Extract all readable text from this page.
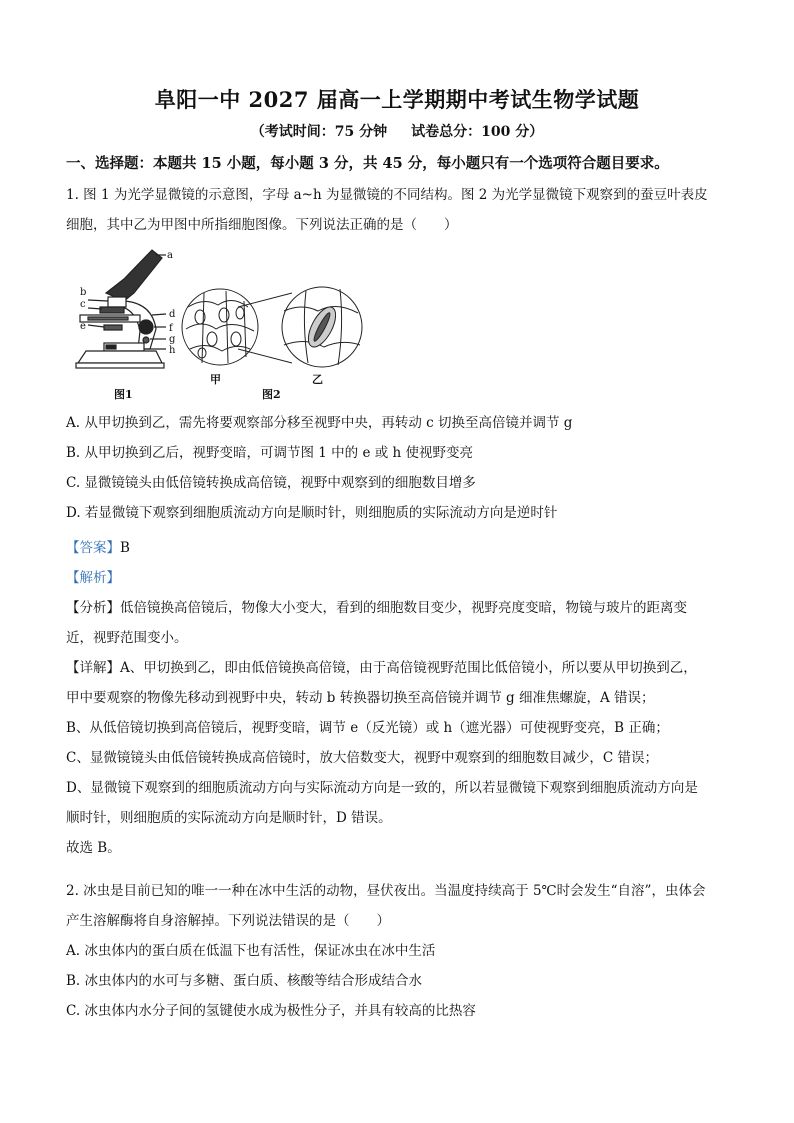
阜阳一中 2027 届高一上学期期中考试生物学试题
（考试时间：75 分钟 试卷总分：100 分）
一、选择题：本题共 15 小题，每小题 3 分，共 45 分，每小题只有一个选项符合题目要求。
1. 图 1 为光学显微镜的示意图，字母 a~h 为显微镜的不同结构。图 2 为光学显微镜下观察到的蚕豆叶表皮
细胞，其中乙为甲图中所指细胞图像。下列说法正确的是（　　）
a
b
c
d
e	f
g
h
甲	乙
图1	图2
A. 从甲切换到乙，需先将要观察部分移至视野中央，再转动 c 切换至高倍镜并调节 g
B. 从甲切换到乙后，视野变暗，可调节图 1 中的 e 或 h 使视野变亮
C. 显微镜镜头由低倍镜转换成高倍镜，视野中观察到的细胞数目增多
D. 若显微镜下观察到细胞质流动方向是顺时针，则细胞质的实际流动方向是逆时针
【答案】B
【解析】
【分析】低倍镜换高倍镜后，物像大小变大，看到的细胞数目变少，视野亮度变暗，物镜与玻片的距离变
近，视野范围变小。
【详解】A、甲切换到乙，即由低倍镜换高倍镜，由于高倍镜视野范围比低倍镜小，所以要从甲切换到乙，
甲中要观察的物像先移动到视野中央，转动 b 转换器切换至高倍镜并调节 g 细准焦螺旋，A 错误；
B、从低倍镜切换到高倍镜后，视野变暗，调节 e（反光镜）或 h（遮光器）可使视野变亮，B 正确；
C、显微镜镜头由低倍镜转换成高倍镜时，放大倍数变大，视野中观察到的细胞数目减少，C 错误；
D、显微镜下观察到的细胞质流动方向与实际流动方向是一致的，所以若显微镜下观察到细胞质流动方向是
顺时针，则细胞质的实际流动方向是顺时针，D 错误。
故选 B。
2. 冰虫是目前已知的唯一一种在冰中生活的动物，昼伏夜出。当温度持续高于 5℃时会发生“自溶”，虫体会
产生溶解酶将自身溶解掉。下列说法错误的是（　　）
A. 冰虫体内的蛋白质在低温下也有活性，保证冰虫在冰中生活
B. 冰虫体内的水可与多糖、蛋白质、核酸等结合形成结合水
C. 冰虫体内水分子间的氢键使水成为极性分子，并具有较高的比热容
